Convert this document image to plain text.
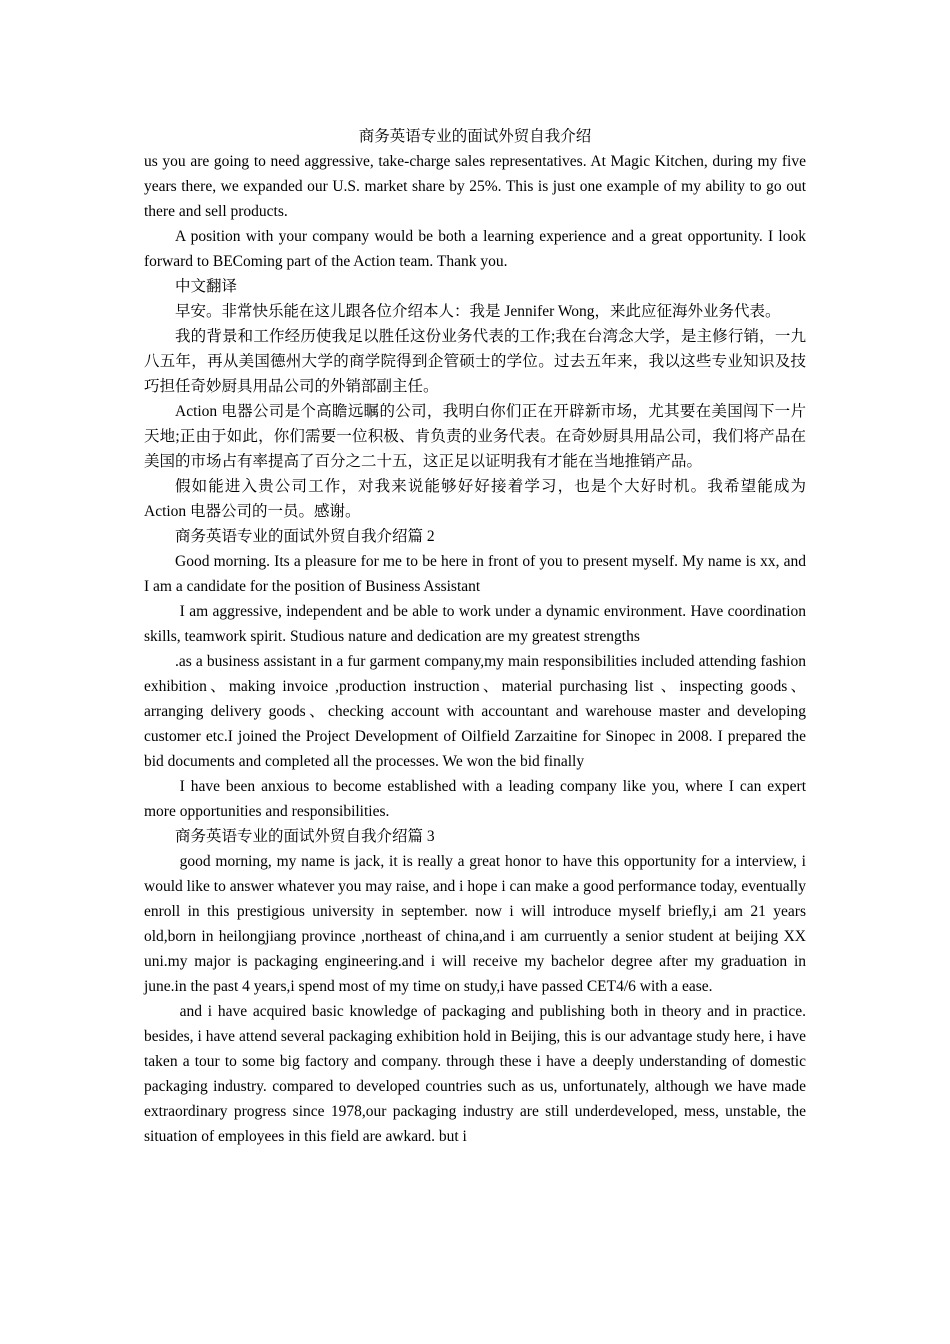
商务英语专业的面试外贸自我介绍

us you are going to need aggressive, take-charge sales representatives. At Magic Kitchen, during my five years there, we expanded our U.S. market share by 25%. This is just one example of my ability to go out there and sell products.

A position with your company would be both a learning experience and a great opportunity. I look forward to BEComing part of the Action team. Thank you.

中文翻译

早安。非常快乐能在这儿跟各位介绍本人：我是 Jennifer Wong，来此应征海外业务代表。

我的背景和工作经历使我足以胜任这份业务代表的工作;我在台湾念大学，是主修行销，一九八五年，再从美国德州大学的商学院得到企管硕士的学位。过去五年来，我以这些专业知识及技巧担任奇妙厨具用品公司的外销部副主任。

Action 电器公司是个高瞻远瞩的公司，我明白你们正在开辟新市场，尤其要在美国闯下一片天地;正由于如此，你们需要一位积极、肯负责的业务代表。在奇妙厨具用品公司，我们将产品在美国的市场占有率提高了百分之二十五，这正足以证明我有才能在当地推销产品。

假如能进入贵公司工作，对我来说能够好好接着学习，也是个大好时机。我希望能成为 Action 电器公司的一员。感谢。

商务英语专业的面试外贸自我介绍篇 2

Good morning. Its a pleasure for me to be here in front of you to present myself. My name is xx, and I am a candidate for the position of Business Assistant

I am aggressive, independent and be able to work under a dynamic environment. Have coordination skills, teamwork spirit. Studious nature and dedication are my greatest strengths

.as a business assistant in a fur garment company,my main responsibilities included attending fashion exhibition、making invoice ,production instruction、material purchasing list 、inspecting goods、arranging delivery goods、checking account with accountant and warehouse master and developing customer etc.I joined the Project Development of Oilfield Zarzaitine for Sinopec in 2008. I prepared the bid documents and completed all the processes. We won the bid finally

I have been anxious to become established with a leading company like you, where I can expert more opportunities and responsibilities.

商务英语专业的面试外贸自我介绍篇 3

good morning, my name is jack, it is really a great honor to have this opportunity for a interview, i would like to answer whatever you may raise, and i hope i can make a good performance today, eventually enroll in this prestigious university in september. now i will introduce myself briefly,i am 21 years old,born in heilongjiang province ,northeast of china,and i am curruently a senior student at beijing XX uni.my major is packaging engineering.and i will receive my bachelor degree after my graduation in june.in the past 4 years,i spend most of my time on study,i have passed CET4/6 with a ease.

and i have acquired basic knowledge of packaging and publishing both in theory and in practice. besides, i have attend several packaging exhibition hold in Beijing, this is our advantage study here, i have taken a tour to some big factory and company. through these i have a deeply understanding of domestic packaging industry. compared to developed countries such as us, unfortunately, although we have made extraordinary progress since 1978,our packaging industry are still underdeveloped, mess, unstable, the situation of employees in this field are awkard. but i
